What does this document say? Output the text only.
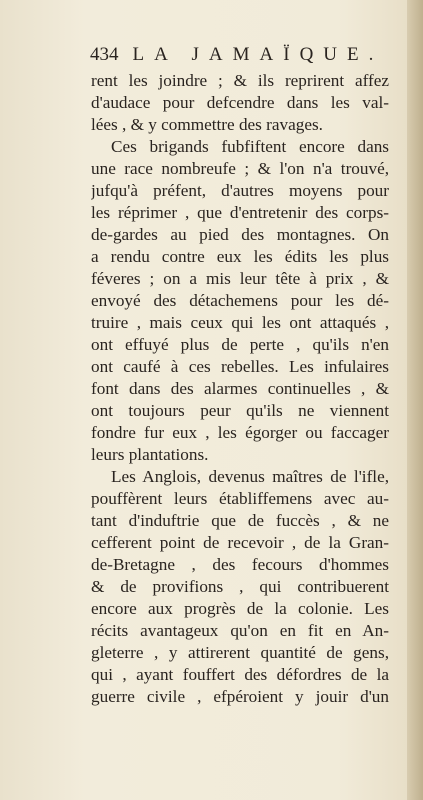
434 LA JAMAÏQUE.
rent les joindre ; & ils reprirent affez
d'audace pour defcendre dans les val-
lées , & y commettre des ravages.
Ces brigands fubfiftent encore dans
une race nombreufe ; & l'on n'a trouvé,
jufqu'à préfent, d'autres moyens pour
les réprimer , que d'entretenir des corps-
de-gardes au pied des montagnes. On
a rendu contre eux les édits les plus
féveres ; on a mis leur tête à prix , &
envoyé des détachemens pour les dé-
truire , mais ceux qui les ont attaqués ,
ont effuyé plus de perte , qu'ils n'en
ont caufé à ces rebelles. Les infulaires
font dans des alarmes continuelles , &
ont toujours peur qu'ils ne viennent
fondre fur eux , les égorger ou faccager
leurs plantations.
Les Anglois, devenus maîtres de l'ifle,
pouffèrent leurs établiffemens avec au-
tant d'induftrie que de fuccès , & ne
cefferent point de recevoir , de la Gran-
de-Bretagne , des fecours d'hommes
& de provifions , qui contribuerent
encore aux progrès de la colonie. Les
récits avantageux qu'on en fit en An-
gleterre , y attirerent quantité de gens,
qui , ayant fouffert des défordres de la
guerre civile , efpéroient y jouir d'un
